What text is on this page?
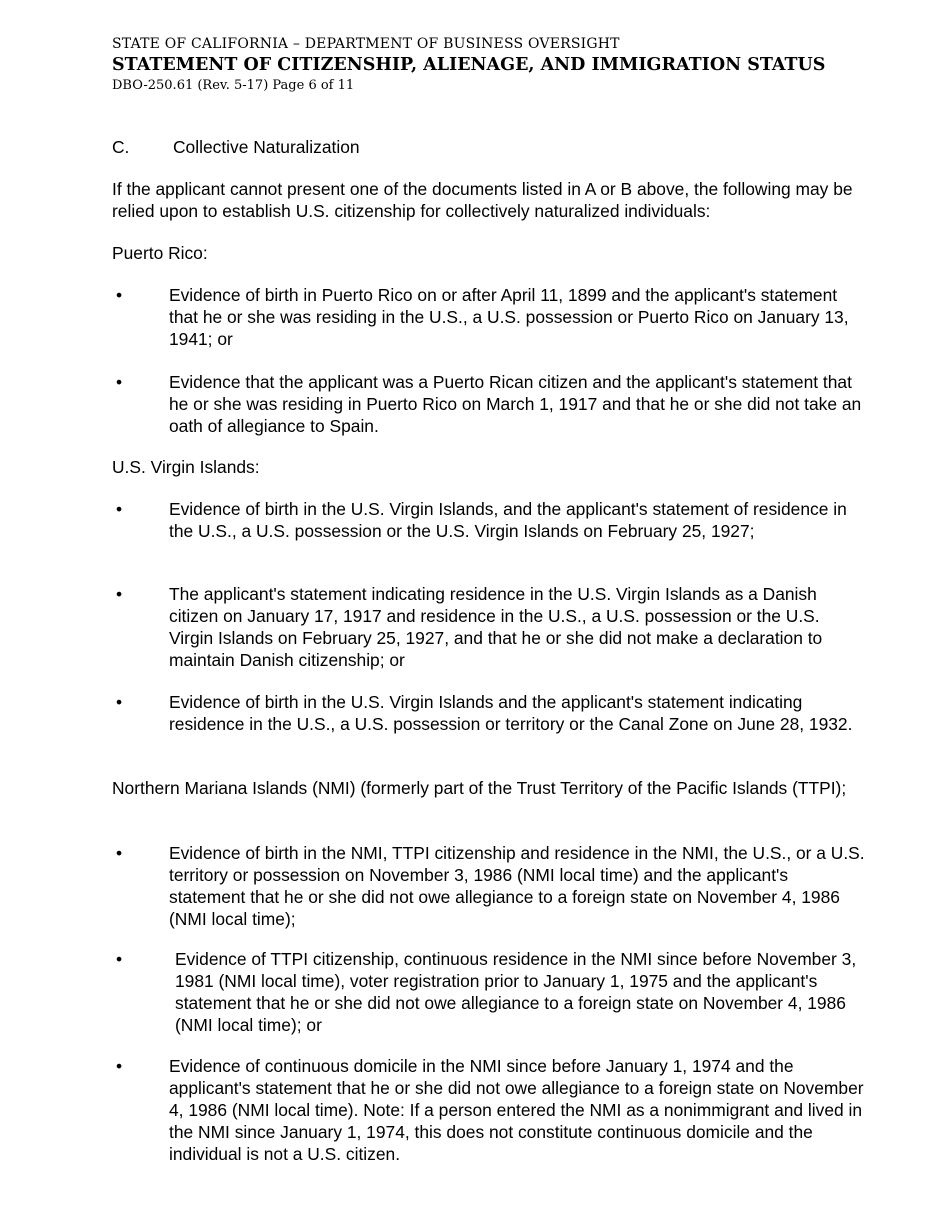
STATE OF CALIFORNIA – DEPARTMENT OF BUSINESS OVERSIGHT
STATEMENT OF CITIZENSHIP, ALIENAGE, AND IMMIGRATION STATUS
DBO-250.61 (Rev. 5-17) Page 6 of 11
C.	Collective Naturalization
If the applicant cannot present one of the documents listed in A or B above, the following may be relied upon to establish U.S. citizenship for collectively naturalized individuals:
Puerto Rico:
•	Evidence of birth in Puerto Rico on or after April 11, 1899 and the applicant's statement that he or she was residing in the U.S., a U.S. possession or Puerto Rico on January 13, 1941; or
•	Evidence that the applicant was a Puerto Rican citizen and the applicant's statement that he or she was residing in Puerto Rico on March 1, 1917 and that he or she did not take an oath of allegiance to Spain.
U.S. Virgin Islands:
•	Evidence of birth in the U.S. Virgin Islands, and the applicant's statement of residence in the U.S., a U.S. possession or the U.S. Virgin Islands on February 25, 1927;
•	The applicant's statement indicating residence in the U.S. Virgin Islands as a Danish citizen on January 17, 1917 and residence in the U.S., a U.S. possession or the U.S. Virgin Islands on February 25, 1927, and that he or she did not make a declaration to maintain Danish citizenship; or
•	Evidence of birth in the U.S. Virgin Islands and the applicant's statement indicating residence in the U.S., a U.S. possession or territory or the Canal Zone on June 28, 1932.
Northern Mariana Islands (NMI) (formerly part of the Trust Territory of the Pacific Islands (TTPI);
•	Evidence of birth in the NMI, TTPI citizenship and residence in the NMI, the U.S., or a U.S. territory or possession on November 3, 1986 (NMI local time) and the applicant's statement that he or she did not owe allegiance to a foreign state on November 4, 1986 (NMI local time);
•	Evidence of TTPI citizenship, continuous residence in the NMI since before November 3, 1981 (NMI local time), voter registration prior to January 1, 1975 and the applicant's statement that he or she did not owe allegiance to a foreign state on November 4, 1986 (NMI local time); or
•	Evidence of continuous domicile in the NMI since before January 1, 1974 and the applicant's statement that he or she did not owe allegiance to a foreign state on November 4, 1986 (NMI local time). Note: If a person entered the NMI as a nonimmigrant and lived in the NMI since January 1, 1974, this does not constitute continuous domicile and the individual is not a U.S. citizen.
